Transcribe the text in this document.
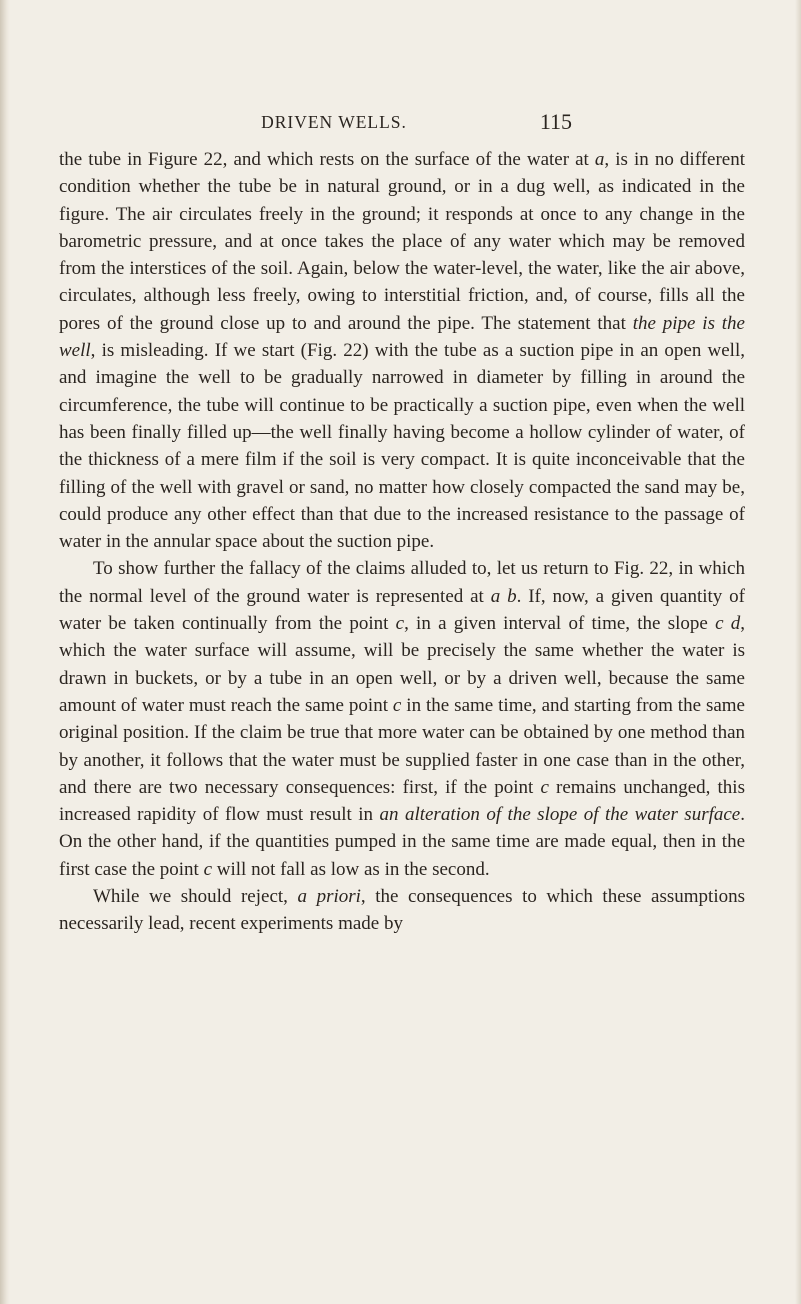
DRIVEN WELLS.	115

the tube in Figure 22, and which rests on the surface of the water at a, is in no different condition whether the tube be in natural ground, or in a dug well, as indicated in the figure. The air circulates freely in the ground; it responds at once to any change in the barometric pressure, and at once takes the place of any water which may be removed from the interstices of the soil. Again, below the water-level, the water, like the air above, circulates, although less freely, owing to interstitial friction, and, of course, fills all the pores of the ground close up to and around the pipe. The statement that the pipe is the well, is misleading. If we start (Fig. 22) with the tube as a suction pipe in an open well, and imagine the well to be gradually narrowed in diameter by filling in around the circumference, the tube will continue to be practically a suction pipe, even when the well has been finally filled up—the well finally having become a hollow cylinder of water, of the thickness of a mere film if the soil is very compact. It is quite inconceivable that the filling of the well with gravel or sand, no matter how closely compacted the sand may be, could produce any other effect than that due to the increased resistance to the passage of water in the annular space about the suction pipe.

To show further the fallacy of the claims alluded to, let us return to Fig. 22, in which the normal level of the ground water is represented at a b. If, now, a given quantity of water be taken continually from the point c, in a given interval of time, the slope c d, which the water surface will assume, will be precisely the same whether the water is drawn in buckets, or by a tube in an open well, or by a driven well, because the same amount of water must reach the same point c in the same time, and starting from the same original position. If the claim be true that more water can be obtained by one method than by another, it follows that the water must be supplied faster in one case than in the other, and there are two necessary consequences: first, if the point c remains unchanged, this increased rapidity of flow must result in an alteration of the slope of the water surface. On the other hand, if the quantities pumped in the same time are made equal, then in the first case the point c will not fall as low as in the second.

While we should reject, a priori, the consequences to which these assumptions necessarily lead, recent experiments made by
